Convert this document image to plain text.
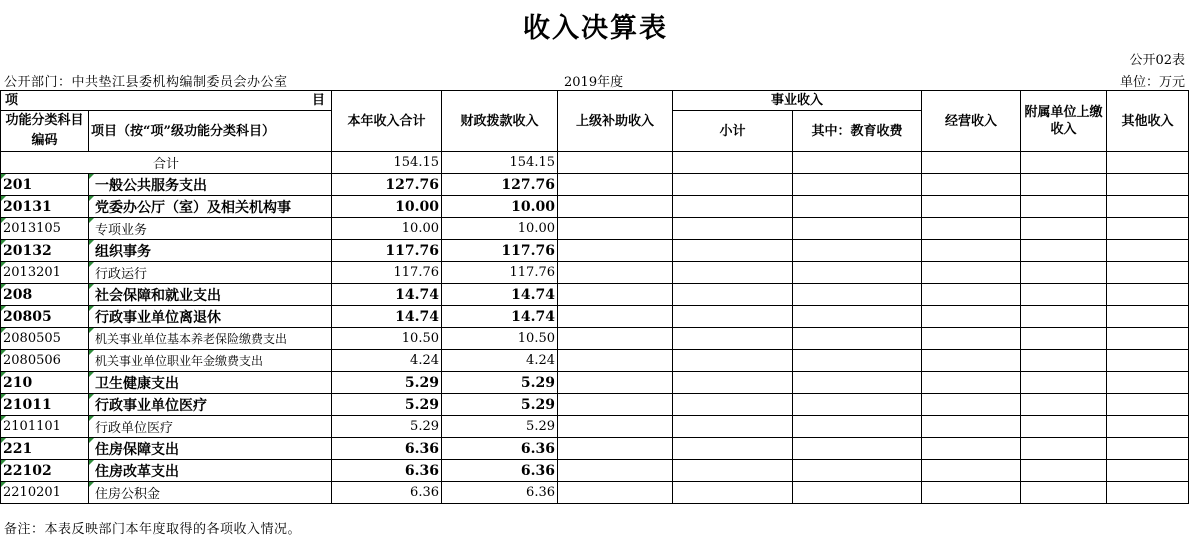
收入决算表
公开02表
公开部门：中共垫江县委机构编制委员会办公室	2019年度	单位：万元
项 目		本年收入合计	财政拨款收入	上级补助收入	事业收入		经营收入	附属单位上缴收入	其他收入
功能分类科目编码	项目（按“项”级功能分类科目）								
					小计	其中：教育收费			
合计		154.15	154.15						
201	一般公共服务支出	127.76	127.76						
20131	党委办公厅（室）及相关机构事	10.00	10.00						
2013105	专项业务	10.00	10.00						
20132	组织事务	117.76	117.76						
2013201	行政运行	117.76	117.76						
208	社会保障和就业支出	14.74	14.74						
20805	行政事业单位离退休	14.74	14.74						
2080505	机关事业单位基本养老保险缴费支出	10.50	10.50						
2080506	机关事业单位职业年金缴费支出	4.24	4.24						
210	卫生健康支出	5.29	5.29						
21011	行政事业单位医疗	5.29	5.29						
2101101	行政单位医疗	5.29	5.29						
221	住房保障支出	6.36	6.36						
22102	住房改革支出	6.36	6.36						
2210201	住房公积金	6.36	6.36						
备注：本表反映部门本年度取得的各项收入情况。
